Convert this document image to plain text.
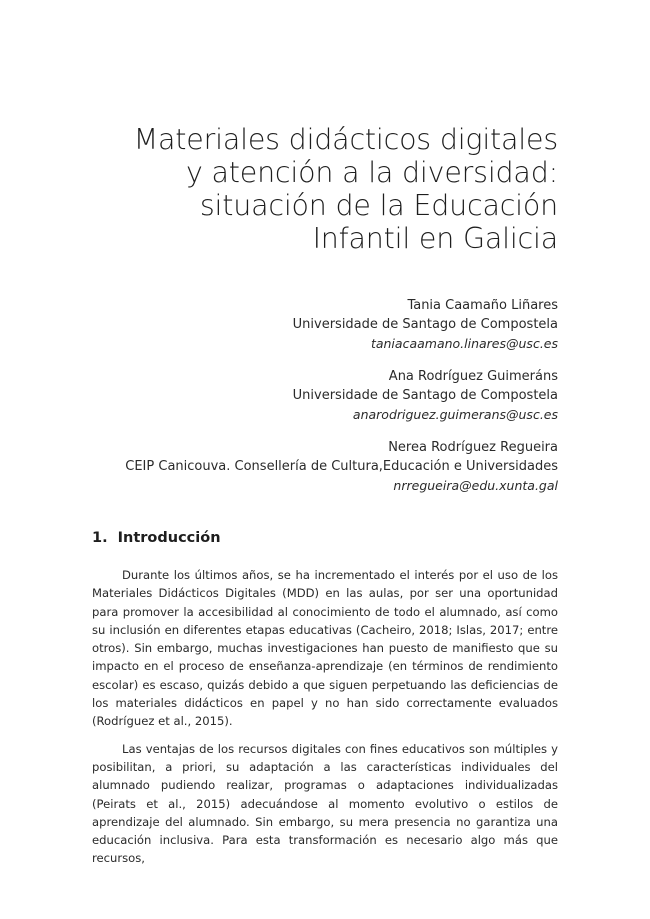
Materiales didácticos digitales
y atención a la diversidad:
situación de la Educación
Infantil en Galicia
Tania Caamaño Liñares
Universidade de Santago de Compostela
taniacaamano.linares@usc.es
Ana Rodríguez Guimeráns
Universidade de Santago de Compostela
anarodriguez.guimerans@usc.es
Nerea Rodríguez Regueira
CEIP Canicouva. Consellería de Cultura,Educación e Universidades
nrregueira@edu.xunta.gal
1. Introducción

Durante los últimos años, se ha incrementado el interés por el uso de los Materiales Didácticos Digitales (MDD) en las aulas, por ser una oportunidad para promover la accesibilidad al conocimiento de todo el alumnado, así como su inclusión en diferentes etapas educativas (Cacheiro, 2018; Islas, 2017; entre otros). Sin embargo, muchas investigaciones han puesto de manifiesto que su impacto en el proceso de enseñanza-aprendizaje (en términos de rendimiento escolar) es escaso, quizás debido a que siguen perpetuando las deficiencias de los materiales didácticos en papel y no han sido correctamente evaluados (Rodríguez et al., 2015).

Las ventajas de los recursos digitales con fines educativos son múltiples y posibilitan, a priori, su adaptación a las características individuales del alumnado pudiendo realizar, programas o adaptaciones individualizadas (Peirats et al., 2015) adecuándose al momento evolutivo o estilos de aprendizaje del alumnado. Sin embargo, su mera presencia no garantiza una educación inclusiva. Para esta transformación es necesario algo más que recursos,
